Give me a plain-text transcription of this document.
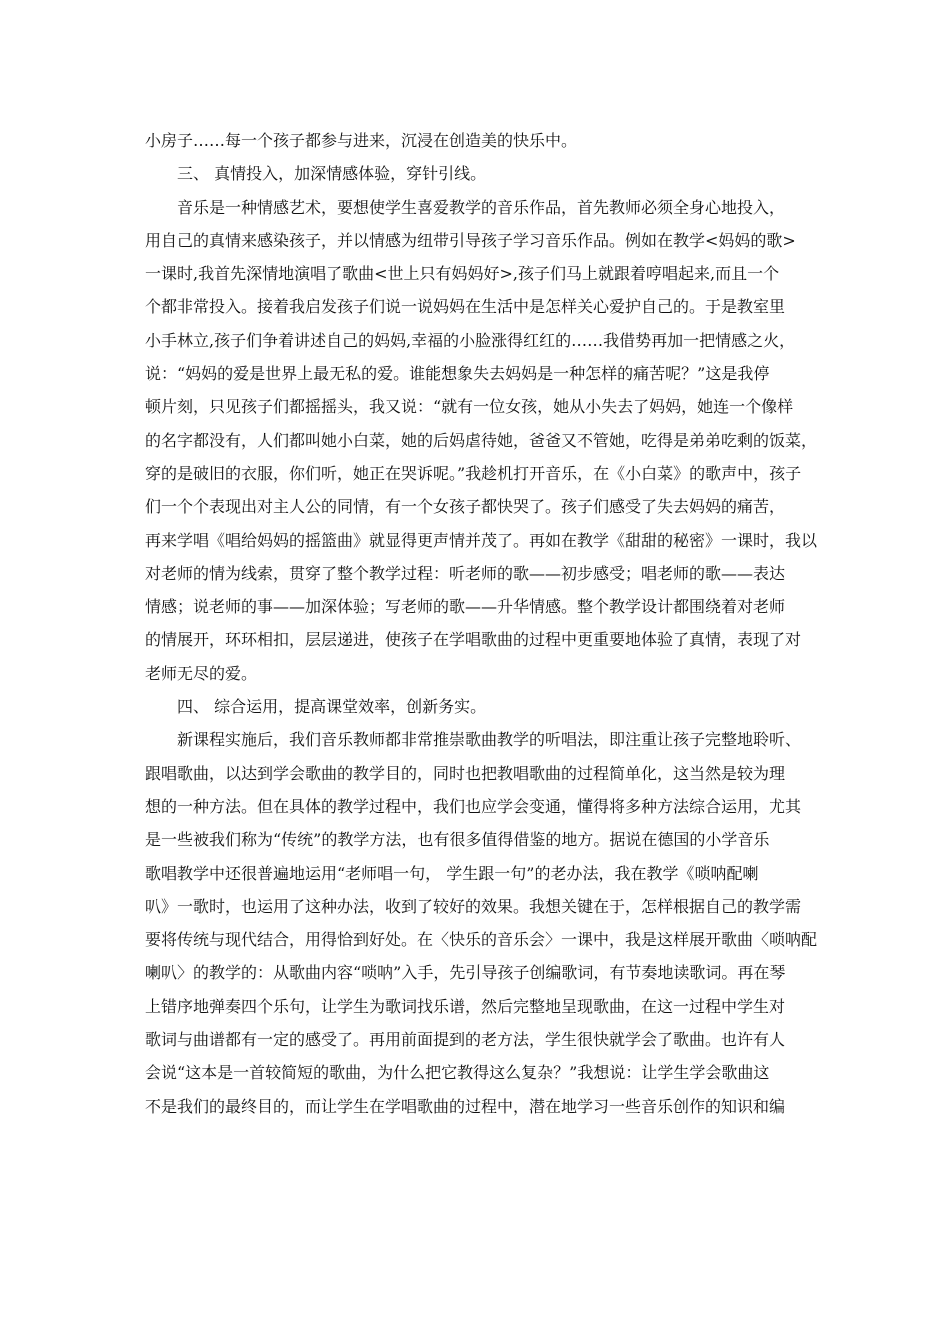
小房子……每一个孩子都参与进来，沉浸在创造美的快乐中。
三、 真情投入，加深情感体验，穿针引线。
音乐是一种情感艺术，要想使学生喜爱教学的音乐作品，首先教师必须全身心地投入，
用自己的真情来感染孩子，并以情感为纽带引导孩子学习音乐作品。例如在教学<妈妈的歌>
一课时,我首先深情地演唱了歌曲<世上只有妈妈好>,孩子们马上就跟着哼唱起来,而且一个
个都非常投入。接着我启发孩子们说一说妈妈在生活中是怎样关心爱护自己的。于是教室里
小手林立,孩子们争着讲述自己的妈妈,幸福的小脸涨得红红的……我借势再加一把情感之火，
说：“妈妈的爱是世界上最无私的爱。谁能想象失去妈妈是一种怎样的痛苦呢？”这是我停
顿片刻，只见孩子们都摇摇头，我又说：“就有一位女孩，她从小失去了妈妈，她连一个像样
的名字都没有，人们都叫她小白菜，她的后妈虐待她，爸爸又不管她，吃得是弟弟吃剩的饭菜，
穿的是破旧的衣服，你们听，她正在哭诉呢。”我趁机打开音乐，在《小白菜》的歌声中，孩子
们一个个表现出对主人公的同情，有一个女孩子都快哭了。孩子们感受了失去妈妈的痛苦，
再来学唱《唱给妈妈的摇篮曲》就显得更声情并茂了。再如在教学《甜甜的秘密》一课时，我以
对老师的情为线索，贯穿了整个教学过程：听老师的歌——初步感受；唱老师的歌——表达
情感；说老师的事——加深体验；写老师的歌——升华情感。整个教学设计都围绕着对老师
的情展开，环环相扣，层层递进，使孩子在学唱歌曲的过程中更重要地体验了真情，表现了对
老师无尽的爱。
四、 综合运用，提高课堂效率，创新务实。
新课程实施后，我们音乐教师都非常推崇歌曲教学的听唱法，即注重让孩子完整地聆听、
跟唱歌曲，以达到学会歌曲的教学目的，同时也把教唱歌曲的过程简单化，这当然是较为理
想的一种方法。但在具体的教学过程中，我们也应学会变通，懂得将多种方法综合运用，尤其
是一些被我们称为“传统”的教学方法，也有很多值得借鉴的地方。据说在德国的小学音乐
歌唱教学中还很普遍地运用“老师唱一句， 学生跟一句”的老办法，我在教学《唢呐配喇
叭》一歌时，也运用了这种办法，收到了较好的效果。我想关键在于，怎样根据自己的教学需
要将传统与现代结合，用得恰到好处。在〈快乐的音乐会〉一课中，我是这样展开歌曲〈唢呐配
喇叭〉的教学的：从歌曲内容“唢呐”入手，先引导孩子创编歌词，有节奏地读歌词。再在琴
上错序地弹奏四个乐句，让学生为歌词找乐谱，然后完整地呈现歌曲，在这一过程中学生对
歌词与曲谱都有一定的感受了。再用前面提到的老方法，学生很快就学会了歌曲。也许有人
会说“这本是一首较简短的歌曲，为什么把它教得这么复杂？”我想说：让学生学会歌曲这
不是我们的最终目的，而让学生在学唱歌曲的过程中，潜在地学习一些音乐创作的知识和编
